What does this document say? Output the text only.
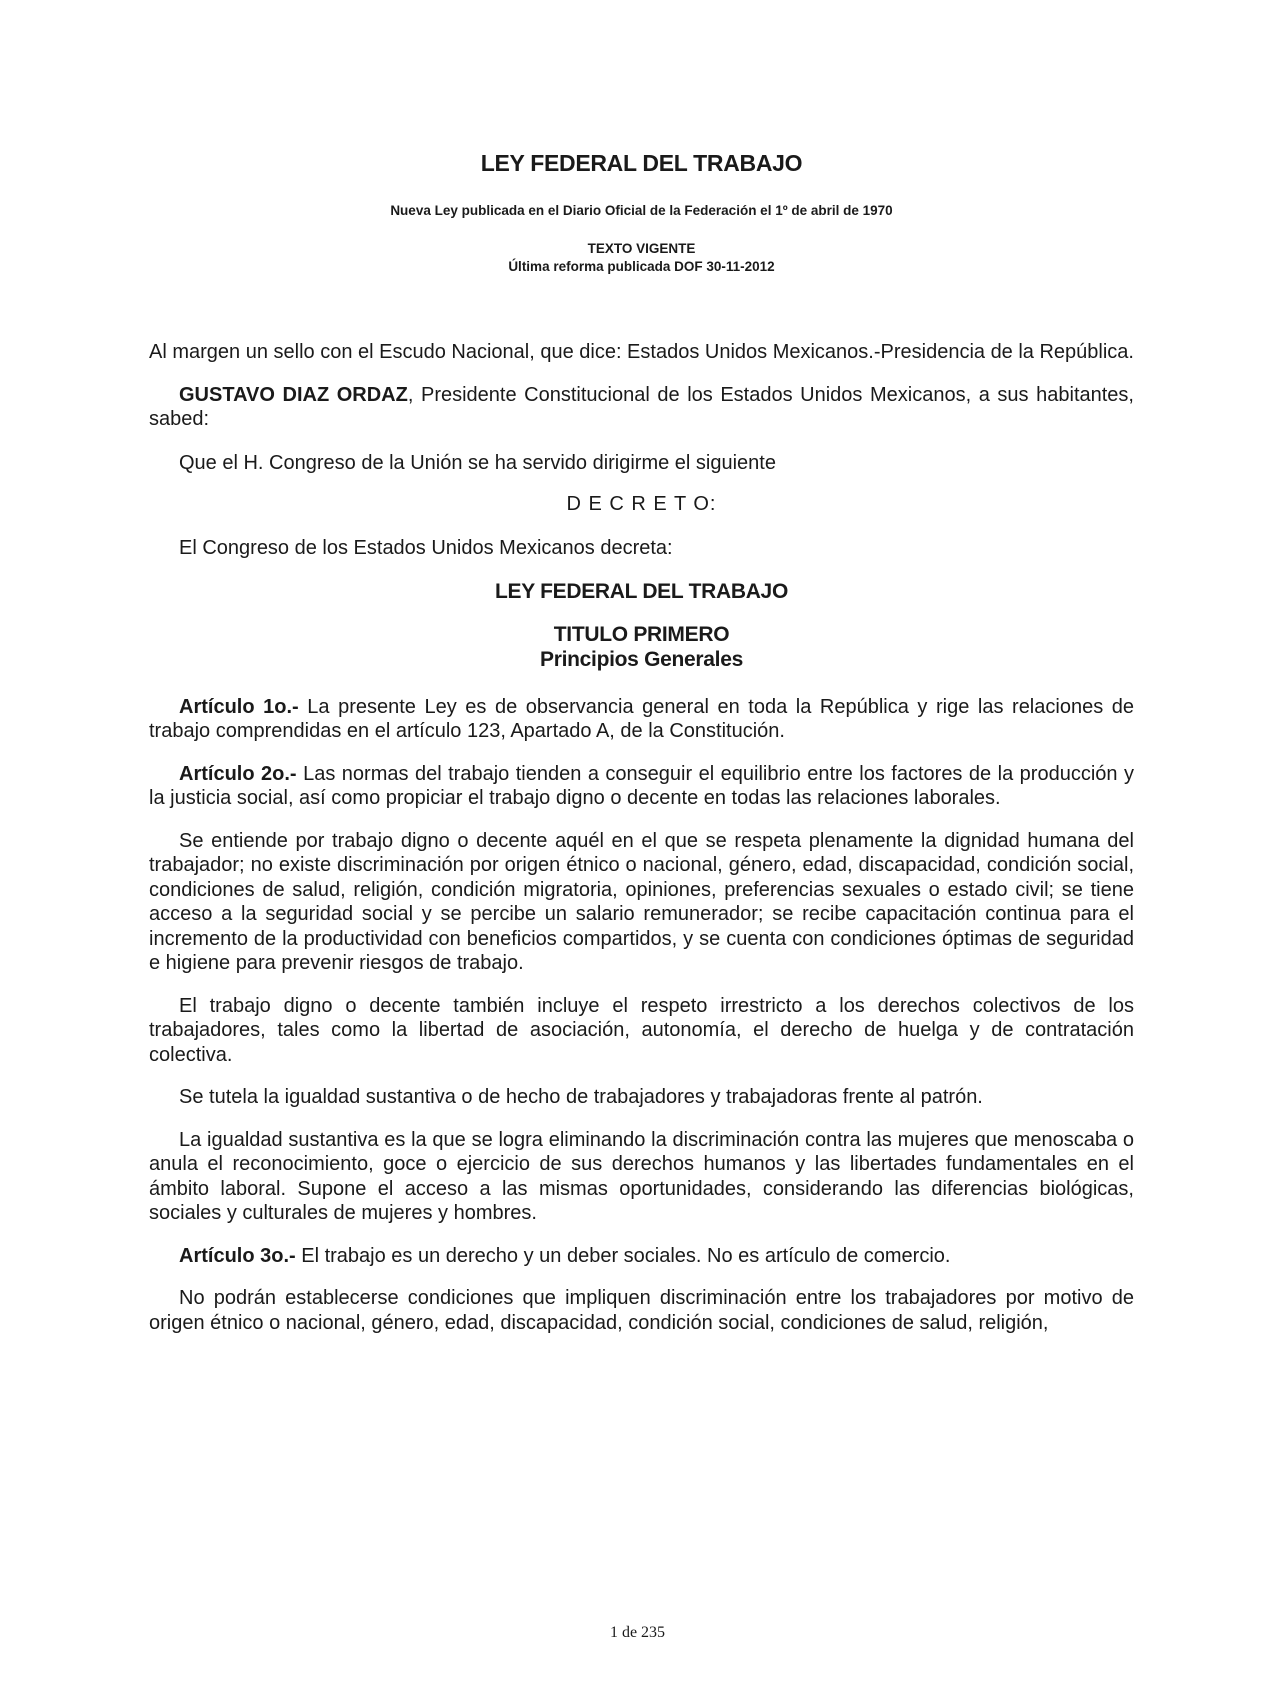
LEY FEDERAL DEL TRABAJO

Nueva Ley publicada en el Diario Oficial de la Federación el 1º de abril de 1970

TEXTO VIGENTE
Última reforma publicada DOF 30-11-2012

Al margen un sello con el Escudo Nacional, que dice: Estados Unidos Mexicanos.-Presidencia de la República.

GUSTAVO DIAZ ORDAZ, Presidente Constitucional de los Estados Unidos Mexicanos, a sus habitantes, sabed:

Que el H. Congreso de la Unión se ha servido dirigirme el siguiente

D E C R E T O:

El Congreso de los Estados Unidos Mexicanos decreta:

LEY FEDERAL DEL TRABAJO
TITULO PRIMERO
Principios Generales

Artículo 1o.- La presente Ley es de observancia general en toda la República y rige las relaciones de trabajo comprendidas en el artículo 123, Apartado A, de la Constitución.

Artículo 2o.- Las normas del trabajo tienden a conseguir el equilibrio entre los factores de la producción y la justicia social, así como propiciar el trabajo digno o decente en todas las relaciones laborales.

Se entiende por trabajo digno o decente aquél en el que se respeta plenamente la dignidad humana del trabajador; no existe discriminación por origen étnico o nacional, género, edad, discapacidad, condición social, condiciones de salud, religión, condición migratoria, opiniones, preferencias sexuales o estado civil; se tiene acceso a la seguridad social y se percibe un salario remunerador; se recibe capacitación continua para el incremento de la productividad con beneficios compartidos, y se cuenta con condiciones óptimas de seguridad e higiene para prevenir riesgos de trabajo.

El trabajo digno o decente también incluye el respeto irrestricto a los derechos colectivos de los trabajadores, tales como la libertad de asociación, autonomía, el derecho de huelga y de contratación colectiva.

Se tutela la igualdad sustantiva o de hecho de trabajadores y trabajadoras frente al patrón.

La igualdad sustantiva es la que se logra eliminando la discriminación contra las mujeres que menoscaba o anula el reconocimiento, goce o ejercicio de sus derechos humanos y las libertades fundamentales en el ámbito laboral. Supone el acceso a las mismas oportunidades, considerando las diferencias biológicas, sociales y culturales de mujeres y hombres.

Artículo 3o.- El trabajo es un derecho y un deber sociales. No es artículo de comercio.

No podrán establecerse condiciones que impliquen discriminación entre los trabajadores por motivo de origen étnico o nacional, género, edad, discapacidad, condición social, condiciones de salud, religión,

1 de 235
